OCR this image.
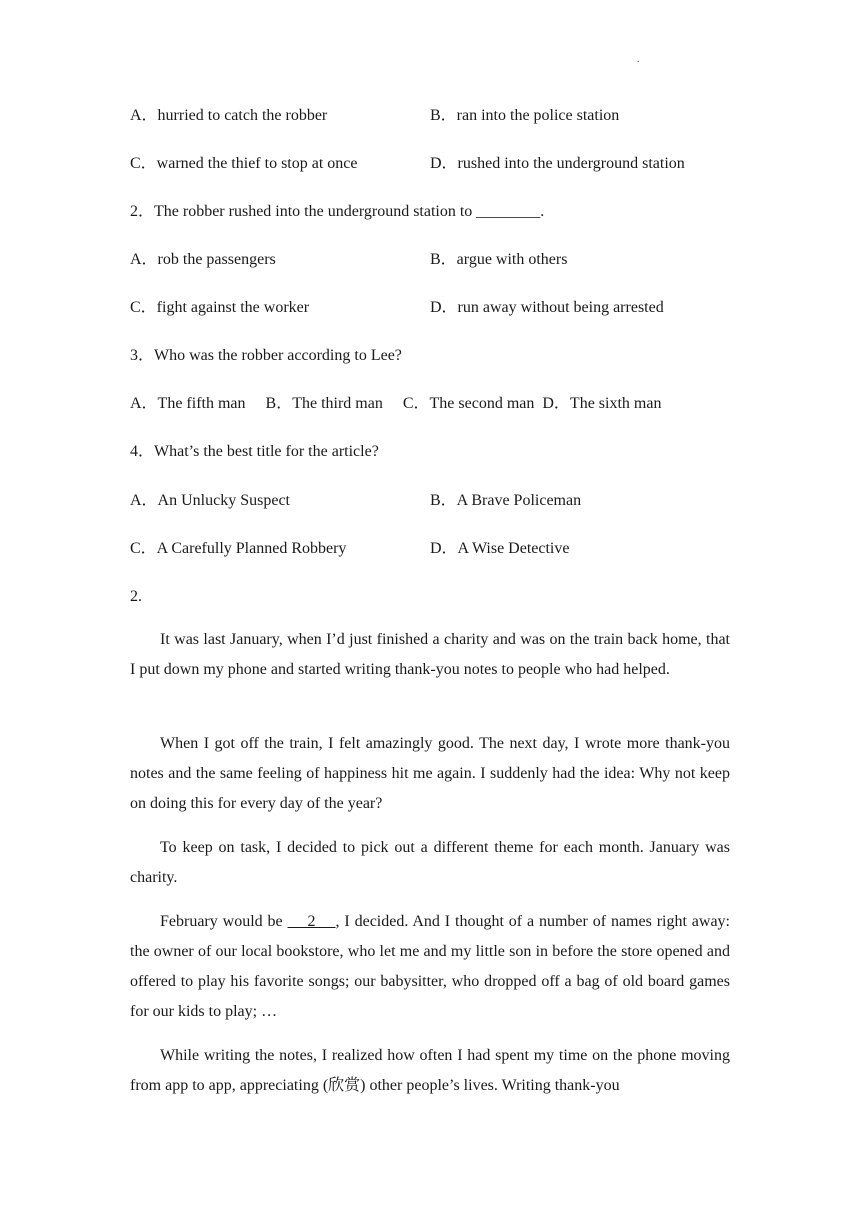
.
A．hurried to catch the robber	B．ran into the police station
C．warned the thief to stop at once	D．rushed into the underground station
2．The robber rushed into the underground station to ________.
A．rob the passengers	B．argue with others
C．fight against the worker	D．run away without being arrested
3．Who was the robber according to Lee?
A．The fifth man     B．The third man     C．The second man  D．The sixth man
4．What’s the best title for the article?
A．An Unlucky Suspect	B．A Brave Policeman
C．A Carefully Planned Robbery	D．A Wise Detective
2.
It was last January, when I’d just finished a charity and was on the train back home, that I put down my phone and started writing thank-you notes to people who had helped.
When I got off the train, I felt amazingly good. The next day, I wrote more thank-you notes and the same feeling of happiness hit me again. I suddenly had the idea: Why not keep on doing this for every day of the year?
To keep on task, I decided to pick out a different theme for each month. January was charity.
February would be      2     , I decided. And I thought of a number of names right away: the owner of our local bookstore, who let me and my little son in before the store opened and offered to play his favorite songs; our babysitter, who dropped off a bag of old board games for our kids to play; …
While writing the notes, I realized how often I had spent my time on the phone moving from app to app, appreciating (欣赏) other people’s lives. Writing thank-you
